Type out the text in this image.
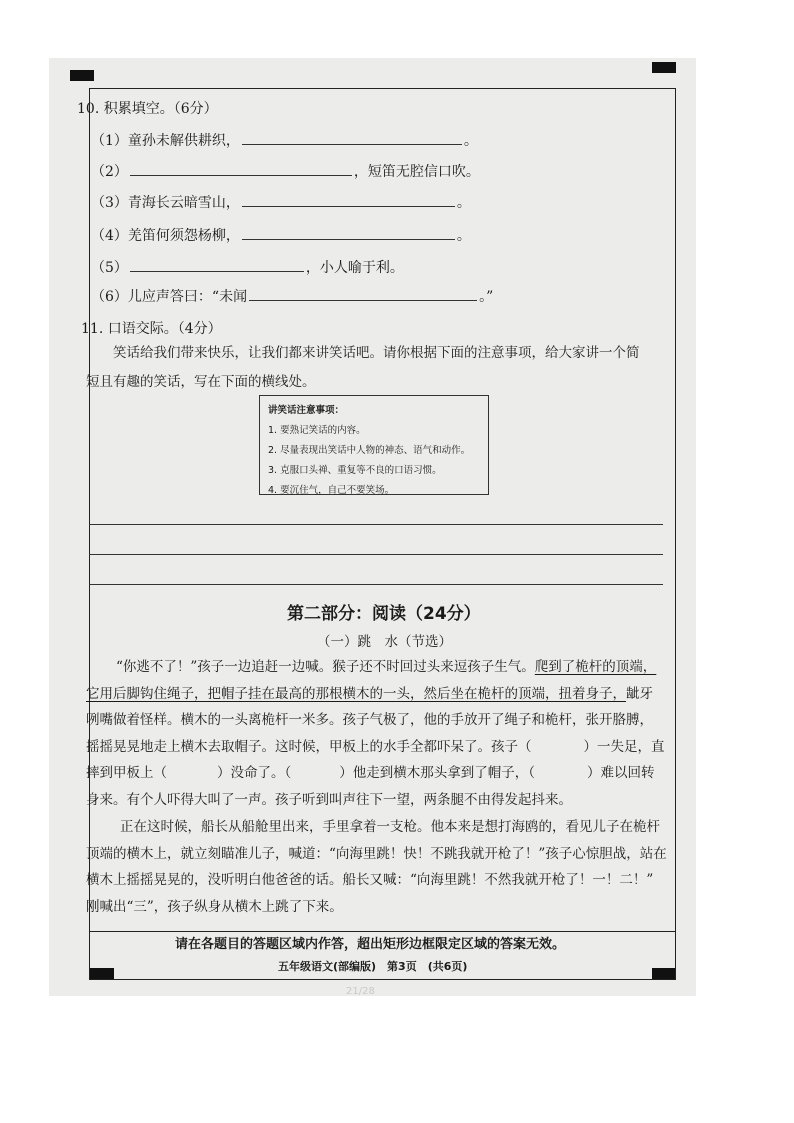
10. 积累填空。（6分）
（1）童孙未解供耕织，	。
（2）	，短笛无腔信口吹。
（3）青海长云暗雪山，	。
（4）羌笛何须怨杨柳，	。
（5）	，小人喻于利。
（6）儿应声答曰：“未闻	。”
11. 口语交际。（4分）
笑话给我们带来快乐，让我们都来讲笑话吧。请你根据下面的注意事项，给大家讲一个简
短且有趣的笑话，写在下面的横线处。
讲笑话注意事项：
1. 要熟记笑话的内容。
2. 尽量表现出笑话中人物的神态、语气和动作。
3. 克服口头禅、重复等不良的口语习惯。
4. 要沉住气，自己不要笑场。
第二部分：阅读（24分）
（一）跳　水（节选）
“你逃不了！”孩子一边追赶一边喊。猴子还不时回过头来逗孩子生气。爬到了桅杆的顶端，
它用后脚钩住绳子，把帽子挂在最高的那根横木的一头，然后坐在桅杆的顶端，扭着身子，龇牙
咧嘴做着怪样。横木的一头离桅杆一米多。孩子气极了，他的手放开了绳子和桅杆，张开胳膊，
摇摇晃晃地走上横木去取帽子。这时候，甲板上的水手全都吓呆了。孩子（	）一失足，直
摔到甲板上（	）没命了。（	）他走到横木那头拿到了帽子，（	）难以回转
身来。有个人吓得大叫了一声。孩子听到叫声往下一望，两条腿不由得发起抖来。
正在这时候，船长从船舱里出来，手里拿着一支枪。他本来是想打海鸥的，看见儿子在桅杆
顶端的横木上，就立刻瞄准儿子，喊道：“向海里跳！快！不跳我就开枪了！”孩子心惊胆战，站在
横木上摇摇晃晃的，没听明白他爸爸的话。船长又喊：“向海里跳！不然我就开枪了！一！二！”
刚喊出“三”，孩子纵身从横木上跳了下来。
请在各题目的答题区域内作答，超出矩形边框限定区域的答案无效。
五年级语文(部编版)　第3页　(共6页)
21/28
